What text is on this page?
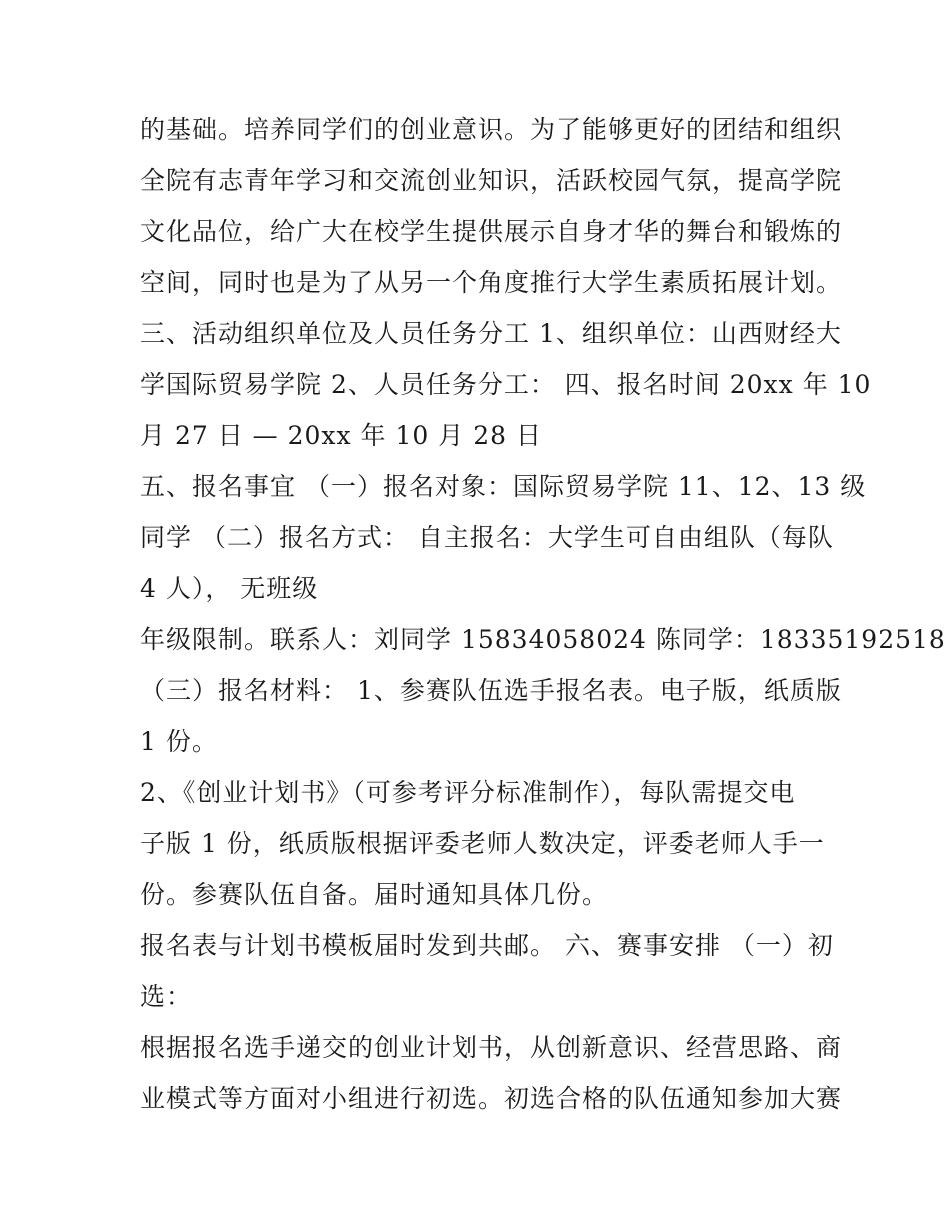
的基础。培养同学们的创业意识。为了能够更好的团结和组织
全院有志青年学习和交流创业知识，活跃校园气氛，提高学院
文化品位，给广大在校学生提供展示自身才华的舞台和锻炼的
空间，同时也是为了从另一个角度推行大学生素质拓展计划。
三、活动组织单位及人员任务分工 1、组织单位：山西财经大
学国际贸易学院 2、人员任务分工： 四、报名时间 20xx 年 10
月 27 日 — 20xx 年 10 月 28 日
五、报名事宜 （一）报名对象：国际贸易学院 11、12、13 级
同学 （二）报名方式： 自主报名：大学生可自由组队（每队
4 人）， 无班级
年级限制。联系人：刘同学 15834058024 陈同学：18335192518
（三）报名材料： 1、参赛队伍选手报名表。电子版，纸质版
1 份。
2、《创业计划书》（可参考评分标准制作），每队需提交电
子版 1 份，纸质版根据评委老师人数决定，评委老师人手一
份。参赛队伍自备。届时通知具体几份。
报名表与计划书模板届时发到共邮。 六、赛事安排 （一）初
选：
根据报名选手递交的创业计划书，从创新意识、经营思路、商
业模式等方面对小组进行初选。初选合格的队伍通知参加大赛
